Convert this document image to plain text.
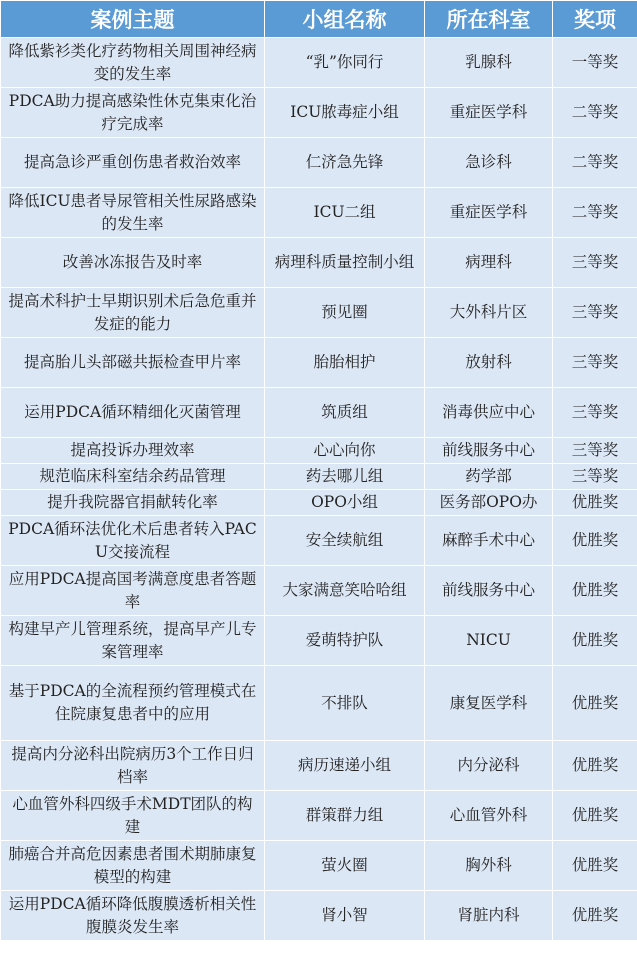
案例主题	小组名称	所在科室	奖项
降低紫衫类化疗药物相关周围神经病变的发生率	“乳”你同行	乳腺科	一等奖
PDCA助力提高感染性休克集束化治疗完成率	ICU脓毒症小组	重症医学科	二等奖
提高急诊严重创伤患者救治效率	仁济急先锋	急诊科	二等奖
降低ICU患者导尿管相关性尿路感染的发生率	ICU二组	重症医学科	二等奖
改善冰冻报告及时率	病理科质量控制小组	病理科	三等奖
提高术科护士早期识别术后急危重并发症的能力	预见圈	大外科片区	三等奖
提高胎儿头部磁共振检查甲片率	胎胎相护	放射科	三等奖
运用PDCA循环精细化灭菌管理	筑质组	消毒供应中心	三等奖
提高投诉办理效率	心心向你	前线服务中心	三等奖
规范临床科室结余药品管理	药去哪儿组	药学部	三等奖
提升我院器官捐献转化率	OPO小组	医务部OPO办	优胜奖
PDCA循环法优化术后患者转入PACU交接流程	安全续航组	麻醉手术中心	优胜奖
应用PDCA提高国考满意度患者答题率	大家满意笑哈哈组	前线服务中心	优胜奖
构建早产儿管理系统，提高早产儿专案管理率	爱萌特护队	NICU	优胜奖
基于PDCA的全流程预约管理模式在住院康复患者中的应用	不排队	康复医学科	优胜奖
提高内分泌科出院病历3个工作日归档率	病历速递小组	内分泌科	优胜奖
心血管外科四级手术MDT团队的构建	群策群力组	心血管外科	优胜奖
肺癌合并高危因素患者围术期肺康复模型的构建	萤火圈	胸外科	优胜奖
运用PDCA循环降低腹膜透析相关性腹膜炎发生率	肾小智	肾脏内科	优胜奖
